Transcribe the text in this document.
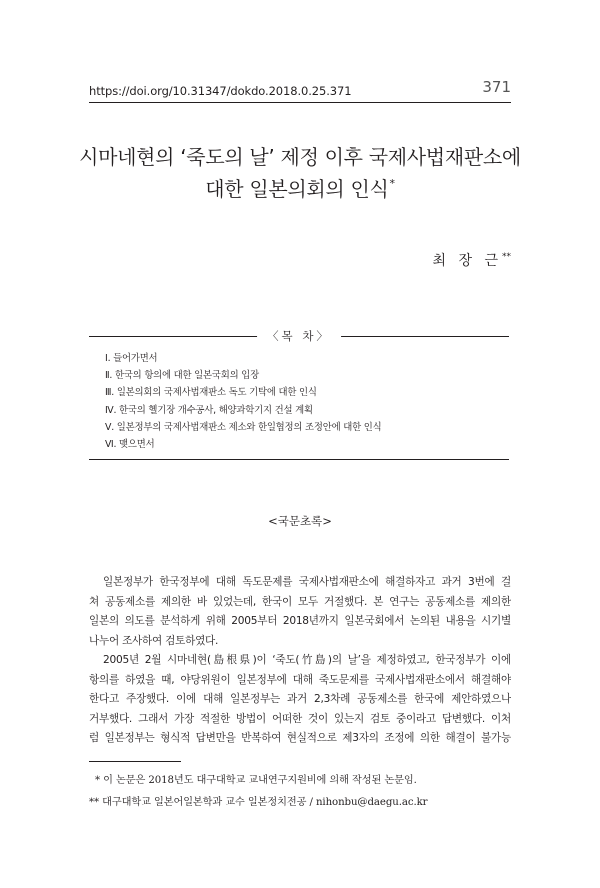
https://doi.org/10.31347/dokdo.2018.0.25.371	371
시마네현의 ‘죽도의 날’ 제정 이후 국제사법재판소에
대한 일본의회의 인식*
최 장 근**
〈목 차〉
Ⅰ. 들어가면서
Ⅱ. 한국의 항의에 대한 일본국회의 입장
Ⅲ. 일본의회의 국제사법재판소 독도 기탁에 대한 인식
Ⅳ. 한국의 헬기장 개수공사, 해양과학기지 건설 계획
Ⅴ. 일본정부의 국제사법재판소 제소와 한일협정의 조정안에 대한 인식
Ⅵ. 맺으면서
<국문초록>

일본정부가 한국정부에 대해 독도문제를 국제사법재판소에 해결하자고 과거 3번에 걸
쳐 공동제소를 제의한 바 있었는데, 한국이 모두 거절했다. 본 연구는 공동제소를 제의한
일본의 의도를 분석하게 위해 2005부터 2018년까지 일본국회에서 논의된 내용을 시기별
나누어 조사하여 검토하였다.

2005년 2월 시마네현(島根県)이 ‘죽도(竹島)의 날’을 제정하였고, 한국정부가 이에
항의를 하였을 때, 야당위원이 일본정부에 대해 죽도문제를 국제사법재판소에서 해결해야
한다고 주장했다. 이에 대해 일본정부는 과거 2,3차례 공동제소를 한국에 제안하였으나
거부했다. 그래서 가장 적절한 방법이 어떠한 것이 있는지 검토 중이라고 답변했다. 이처
럼 일본정부는 형식적 답변만을 반복하여 현실적으로 제3자의 조정에 의한 해결이 불가능

* 이 논문은 2018년도 대구대학교 교내연구지원비에 의해 작성된 논문임.
** 대구대학교 일본어일본학과 교수 일본정치전공 / nihonbu@daegu.ac.kr
